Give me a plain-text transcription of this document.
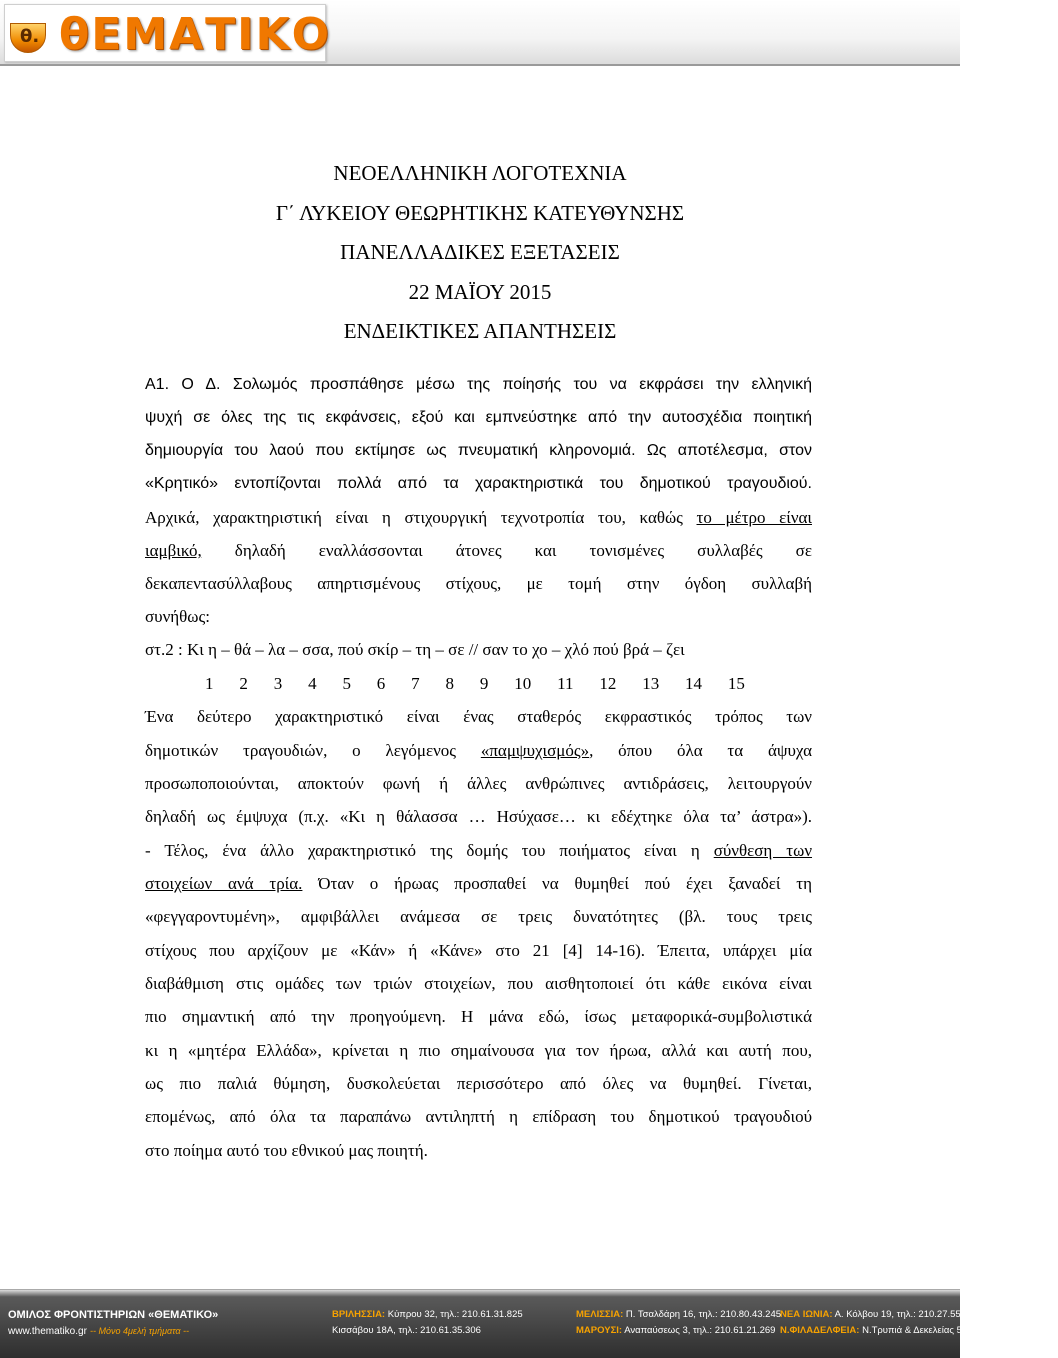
θ. θΕΜΑΤΙΚΟ
ΝΕΟΕΛΛΗΝΙΚΗ ΛΟΓΟΤΕΧΝΙΑ
Γ΄ ΛΥΚΕΙΟΥ ΘΕΩΡΗΤΙΚΗΣ ΚΑΤΕΥΘΥΝΣΗΣ
ΠΑΝΕΛΛΑΔΙΚΕΣ ΕΞΕΤΑΣΕΙΣ
22 ΜΑΪΟΥ 2015
ΕΝΔΕΙΚΤΙΚΕΣ ΑΠΑΝΤΗΣΕΙΣ
Α1. Ο Δ. Σολωμός προσπάθησε μέσω της ποίησής του να εκφράσει την ελληνική
ψυχή σε όλες της τις εκφάνσεις, εξού και εμπνεύστηκε από την αυτοσχέδια ποιητική
δημιουργία του λαού που εκτίμησε ως πνευματική κληρονομιά. Ως αποτέλεσμα, στον
«Κρητικό» εντοπίζονται πολλά από τα χαρακτηριστικά του δημοτικού τραγουδιού.
Αρχικά, χαρακτηριστική είναι η στιχουργική τεχνοτροπία του, καθώς το μέτρο είναι
ιαμβικό, δηλαδή εναλλάσσονται άτονες και τονισμένες συλλαβές σε
δεκαπεντασύλλαβους απηρτισμένους στίχους, με τομή στην όγδοη συλλαβή
συνήθως:
στ.2 : Κι η – θά – λα – σσα, πού σκίρ – τη – σε // σαν το χο – χλό πού βρά – ζει
1 2 3 4 5 6 7 8 9 10 11 12 13 14 15
Ένα δεύτερο χαρακτηριστικό είναι ένας σταθερός εκφραστικός τρόπος των
δημοτικών τραγουδιών, ο λεγόμενος «παμψυχισμός», όπου όλα τα άψυχα
προσωποποιούνται, αποκτούν φωνή ή άλλες ανθρώπινες αντιδράσεις, λειτουργούν
δηλαδή ως έμψυχα (π.χ. «Κι η θάλασσα … Ησύχασε… κι εδέχτηκε όλα τα’ άστρα»).
- Τέλος, ένα άλλο χαρακτηριστικό της δομής του ποιήματος είναι η σύνθεση των
στοιχείων ανά τρία. Όταν ο ήρωας προσπαθεί να θυμηθεί πού έχει ξαναδεί τη
«φεγγαροντυμένη», αμφιβάλλει ανάμεσα σε τρεις δυνατότητες (βλ. τους τρεις
στίχους που αρχίζουν με «Κάν» ή «Κάνε» στο 21 [4] 14-16). Έπειτα, υπάρχει μία
διαβάθμιση στις ομάδες των τριών στοιχείων, που αισθητοποιεί ότι κάθε εικόνα είναι
πιο σημαντική από την προηγούμενη. Η μάνα εδώ, ίσως μεταφορικά-συμβολιστικά
κι η «μητέρα Ελλάδα», κρίνεται η πιο σημαίνουσα για τον ήρωα, αλλά και αυτή που,
ως πιο παλιά θύμηση, δυσκολεύεται περισσότερο από όλες να θυμηθεί. Γίνεται,
επομένως, από όλα τα παραπάνω αντιληπτή η επίδραση του δημοτικού τραγουδιού
στο ποίημα αυτό του εθνικού μας ποιητή.
ΟΜΙΛΟΣ ΦΡΟΝΤΙΣΤΗΡΙΩΝ «ΘΕΜΑΤΙΚΟ»
www.thematiko.gr -- Μόνο 4μελή τμήματα --
ΒΡΙΛΗΣΣΙΑ: Κύπρου 32, τηλ.: 210.61.31.825
Κισσάβου 18Α, τηλ.: 210.61.35.306
ΜΕΛΙΣΣΙΑ: Π. Τσαλδάρη 16, τηλ.: 210.80.43.245
ΜΑΡΟΥΣΙ: Αναπαύσεως 3, τηλ.: 210.61.21.269
ΝΕΑ ΙΩΝΙΑ: Α. Κόλβου 19, τηλ.: 210.27.55.586
Ν.ΦΙΛΑΔΕΛΦΕΙΑ: Ν.Τρυπιά & Δεκελείας 59, τηλ.: 210 .25.82.230
